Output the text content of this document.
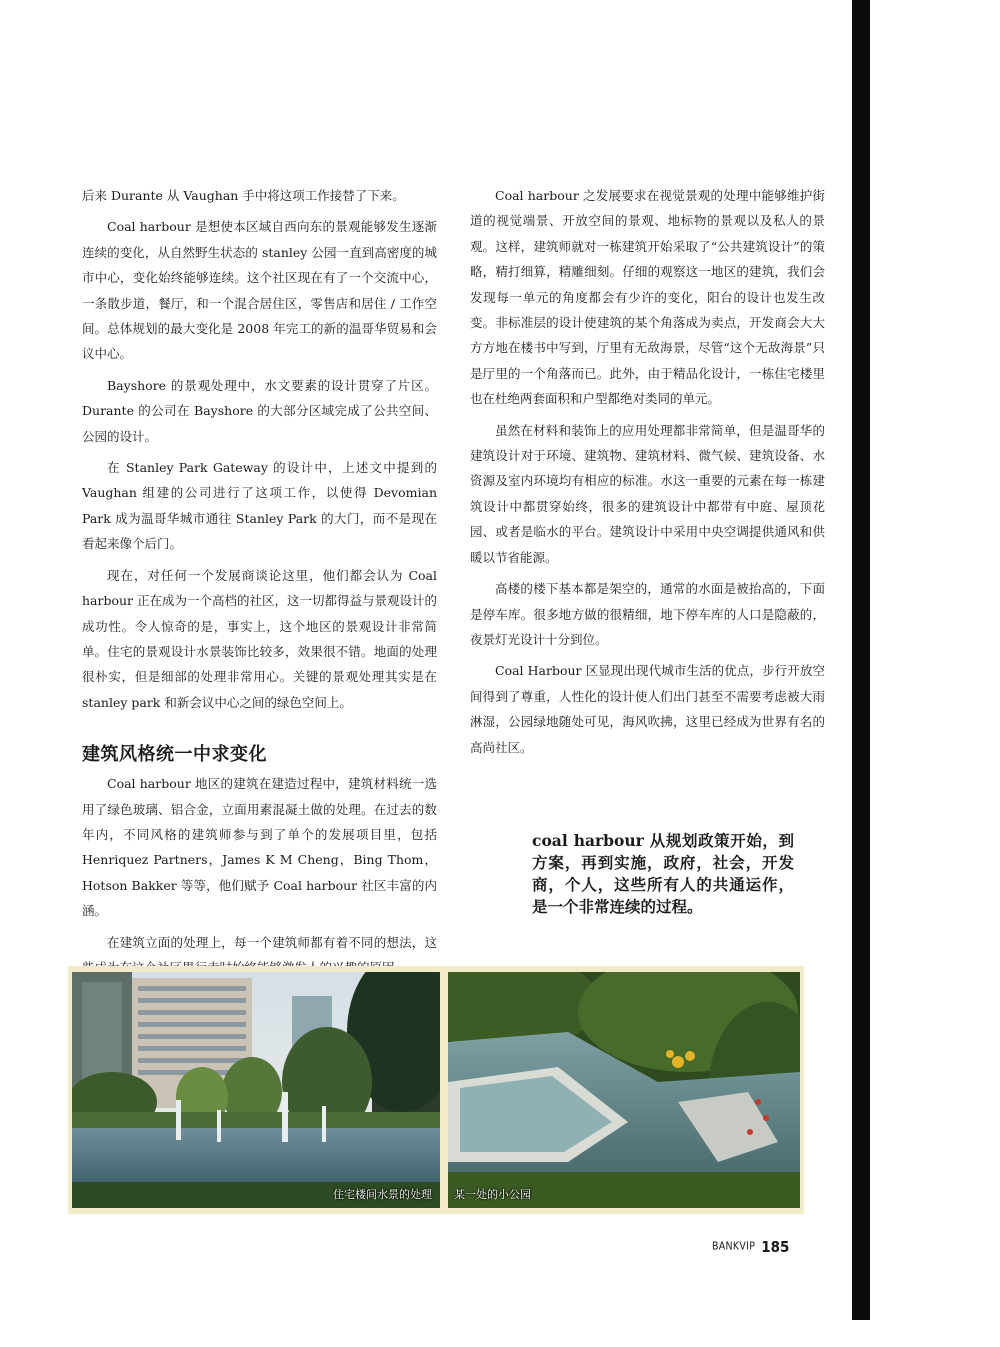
后来 Durante 从 Vaughan 手中将这项工作接替了下来。

Coal harbour 是想使本区域自西向东的景观能够发生逐渐连续的变化，从自然野生状态的 stanley 公园一直到高密度的城市中心，变化始终能够连续。这个社区现在有了一个交流中心，一条散步道，餐厅，和一个混合居住区，零售店和居住 / 工作空间。总体规划的最大变化是 2008 年完工的新的温哥华贸易和会议中心。

Bayshore 的景观处理中，水文要素的设计贯穿了片区。Durante 的公司在 Bayshore 的大部分区域完成了公共空间、公园的设计。

在 Stanley Park Gateway 的设计中，上述文中提到的 Vaughan 组建的公司进行了这项工作，以使得 Devomian Park 成为温哥华城市通往 Stanley Park 的大门，而不是现在看起来像个后门。

现在，对任何一个发展商谈论这里，他们都会认为 Coal harbour 正在成为一个高档的社区，这一切都得益与景观设计的成功性。令人惊奇的是，事实上，这个地区的景观设计非常简单。住宅的景观设计水景装饰比较多，效果很不错。地面的处理很朴实，但是细部的处理非常用心。关键的景观处理其实是在 stanley park 和新会议中心之间的绿色空间上。

建筑风格统一中求变化

Coal harbour 地区的建筑在建造过程中，建筑材料统一选用了绿色玻璃、铝合金，立面用素混凝土做的处理。在过去的数年内，不同风格的建筑师参与到了单个的发展项目里，包括 Henriquez Partners，James K M Cheng，Bing Thom，Hotson Bakker 等等，他们赋予 Coal harbour 社区丰富的内涵。

在建筑立面的处理上，每一个建筑师都有着不同的想法，这

Coal harbour 之发展要求在视觉景观的处理中能够维护街道的视觉端景、开放空间的景观、地标物的景观以及私人的景观。这样，建筑师就对一栋建筑开始采取了“公共建筑设计”的策略，精打细算，精雕细刻。仔细的观察这一地区的建筑，我们会发现每一单元的角度都会有少许的变化，阳台的设计也发生改变。非标准层的设计使建筑的某个角落成为卖点，开发商会大大方方地在楼书中写到，厅里有无敌海景，尽管“这个无敌海景”只是厅里的一个角落而已。此外，由于精品化设计，一栋住宅楼里也在杜绝两套面积和户型都绝对类同的单元。

虽然在材料和装饰上的应用处理都非常简单，但是温哥华的建筑设计对于环境、建筑物、建筑材料、微气候、建筑设备、水资源及室内环境均有相应的标准。水这一重要的元素在每一栋建筑设计中都贯穿始终，很多的建筑设计中都带有中庭、屋顶花园、或者是临水的平台。建筑设计中采用中央空调提供通风和供暖以节省能源。

高楼的楼下基本都是架空的，通常的水面是被抬高的，下面是停车库。很多地方做的很精细，地下停车库的人口是隐蔽的，夜景灯光设计十分到位。

Coal Harbour 区显现出现代城市生活的优点，步行开放空间得到了尊重，人性化的设计使人们出门甚至不需要考虑被大雨淋湿，公园绿地随处可见，海风吹拂，这里已经成为世界有名的高尚社区。

coal harbour 从规划政策开始，到方案，再到实施，政府，社会，开发商，个人，这些所有人的共通运作，是一个非常连续的过程。
住宅楼间水景的处理 某一处的小公园
BANKVIP 185
